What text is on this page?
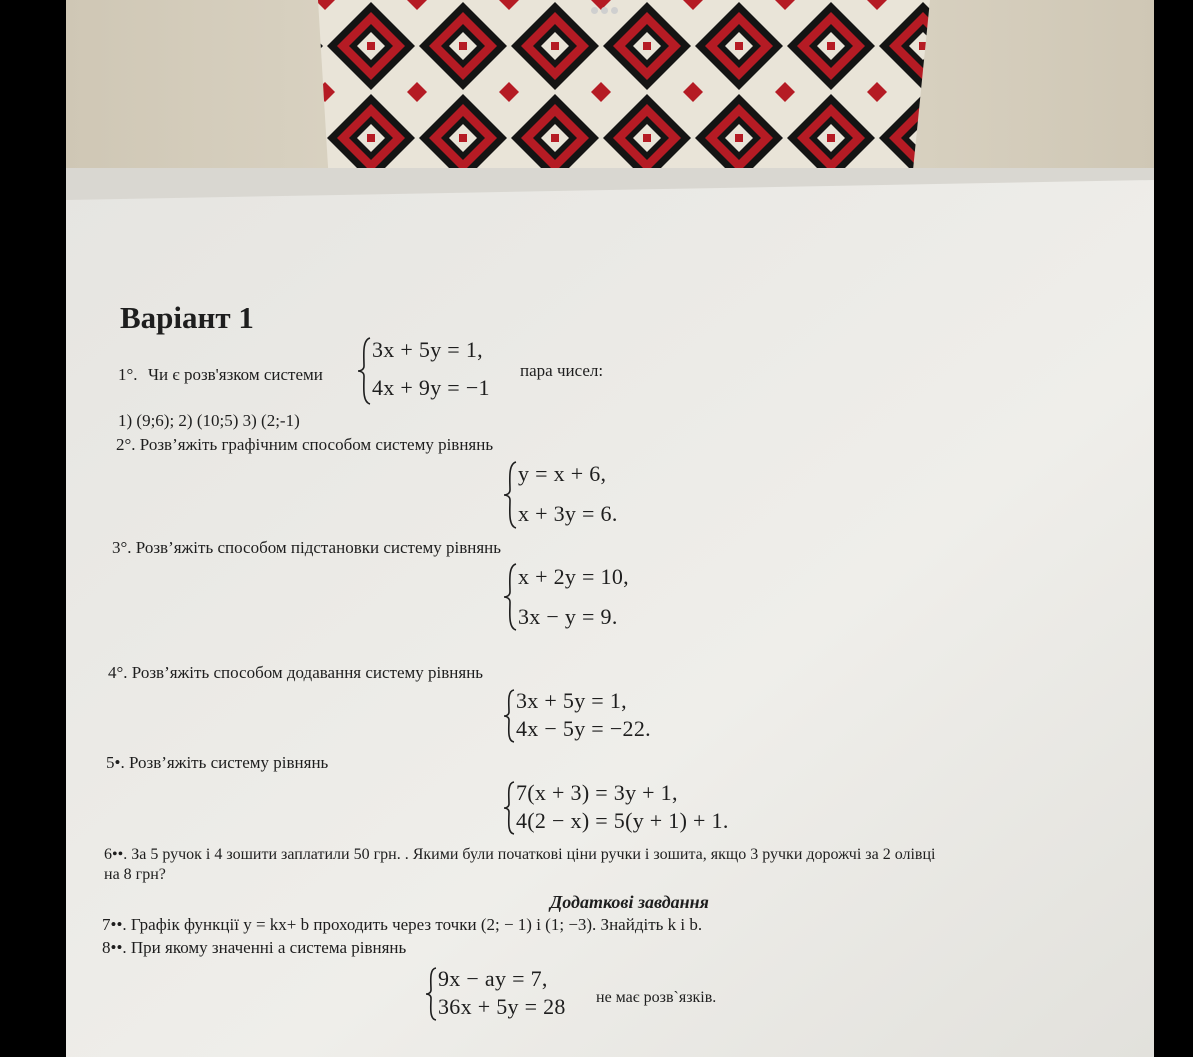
Варіант 1
1°. Чи є розв'язком системи
3x + 5y = 1,
4x + 9y = −1
пара чисел:
1) (9;6); 2) (10;5) 3) (2;-1)
2°. Розв’яжіть графічним способом систему рівнянь
y = x + 6,
x + 3y = 6.
3°. Розв’яжіть способом підстановки систему рівнянь
x + 2y = 10,
3x − y = 9.
4°. Розв’яжіть способом додавання систему рівнянь
3x + 5y = 1,
4x − 5y = −22.
5•. Розв’яжіть систему рівнянь
7(x + 3) = 3y + 1,
4(2 − x) = 5(y + 1) + 1.
6••. За 5 ручок і 4 зошити заплатили 50 грн. . Якими були початкові ціни ручки і зошита, якщо 3 ручки дорожчі за 2 олівці
на 8 грн?
Додаткові завдання
7••. Графік функції y = kx+ b проходить через точки (2; − 1) і (1; −3). Знайдіть k і b.
8••. При якому значенні a система рівнянь
9x − ay = 7,
36x + 5y = 28 не має розв`язків.
